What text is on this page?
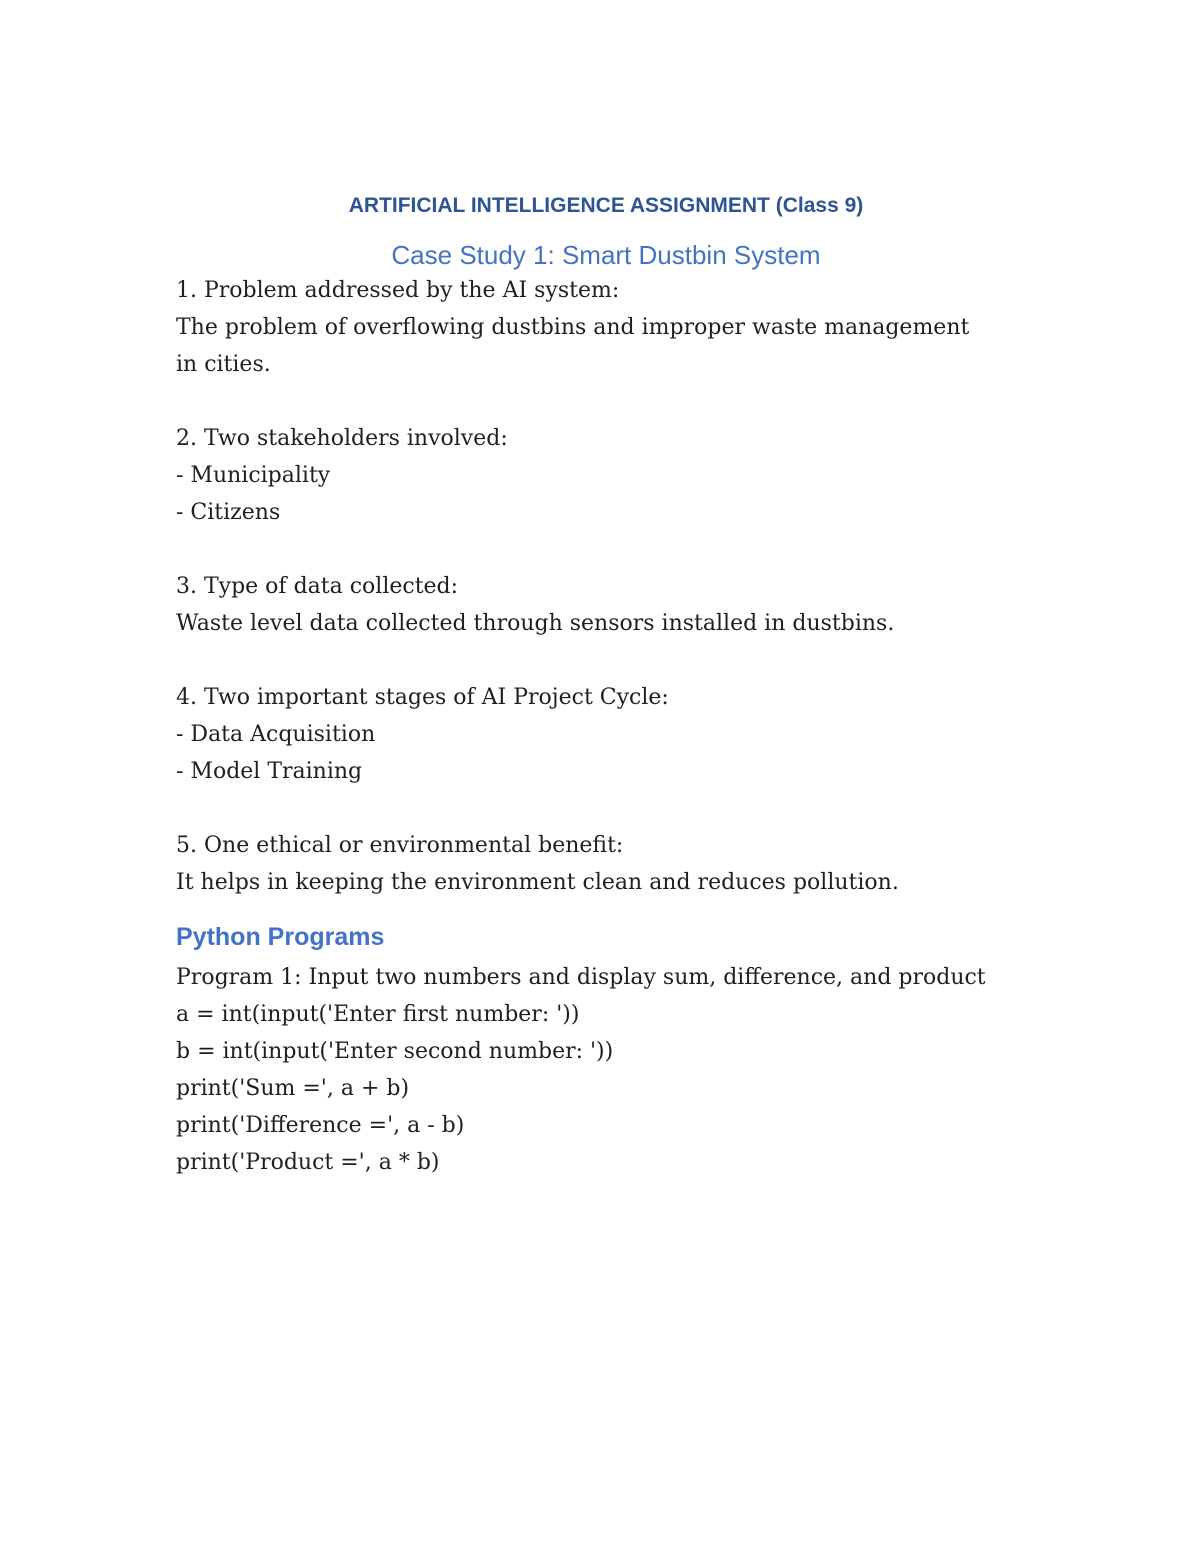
ARTIFICIAL INTELLIGENCE ASSIGNMENT (Class 9)
Case Study 1: Smart Dustbin System

1. Problem addressed by the AI system:

The problem of overflowing dustbins and improper waste management

in cities.

2. Two stakeholders involved:

- Municipality

- Citizens

3. Type of data collected:

Waste level data collected through sensors installed in dustbins.

4. Two important stages of AI Project Cycle:

- Data Acquisition

- Model Training

5. One ethical or environmental benefit:

It helps in keeping the environment clean and reduces pollution.

Python Programs

Program 1: Input two numbers and display sum, difference, and product

a = int(input('Enter first number: '))

b = int(input('Enter second number: '))

print('Sum =', a + b)

print('Difference =', a - b)

print('Product =', a * b)
